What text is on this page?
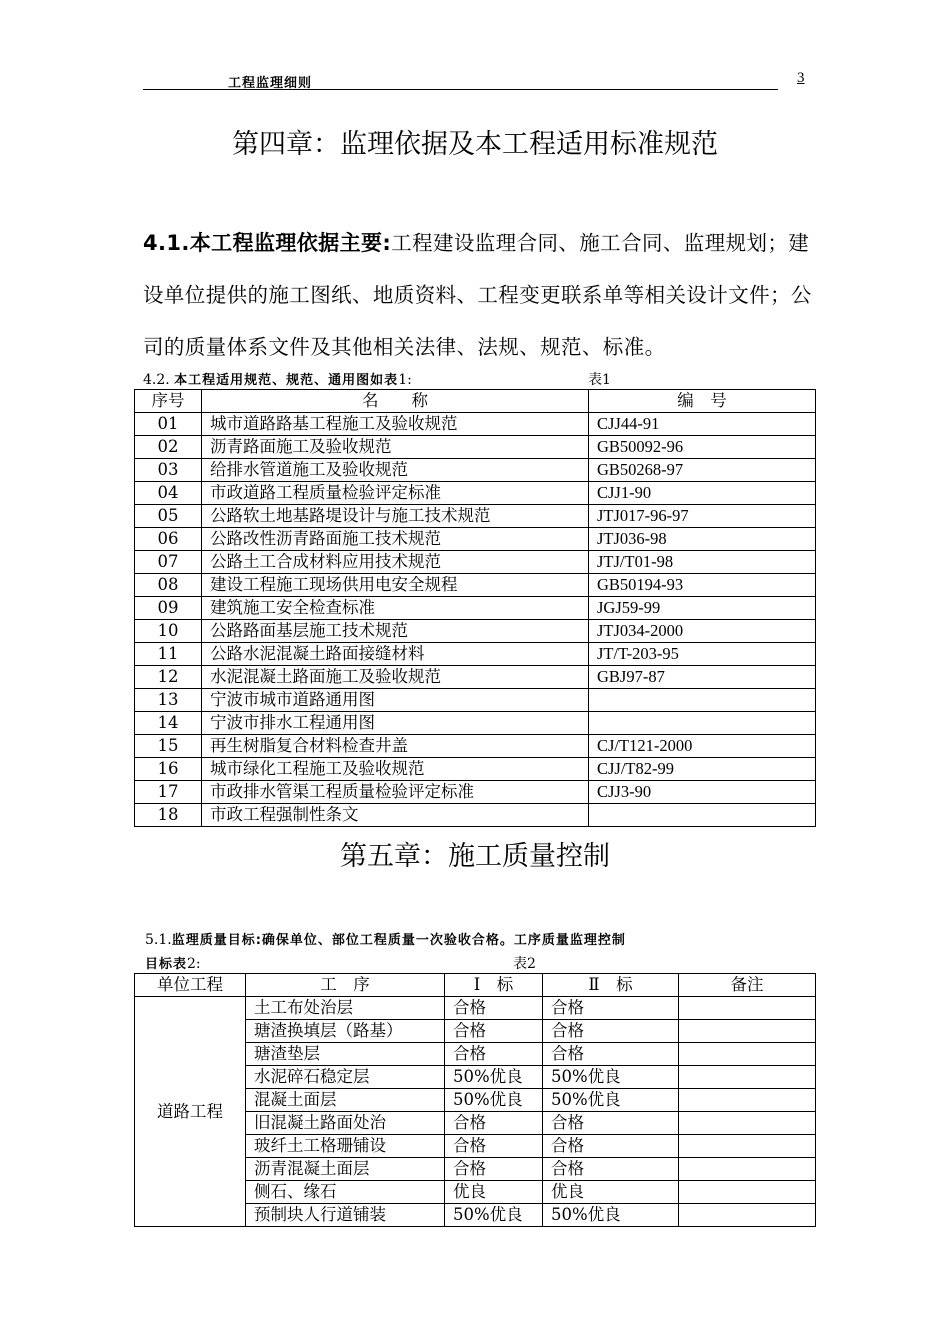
工程监理细则	3
第四章：监理依据及本工程适用标准规范
4.1.本工程监理依据主要:工程建设监理合同、施工合同、监理规划；建设单位提供的施工图纸、地质资料、工程变更联系单等相关设计文件；公司的质量体系文件及其他相关法律、法规、规范、标准。
4.2. 本工程适用规范、规范、通用图如表1:	表1
序号	名　　称	编　号
01	城市道路路基工程施工及验收规范	CJJ44-91
02	沥青路面施工及验收规范	GB50092-96
03	给排水管道施工及验收规范	GB50268-97
04	市政道路工程质量检验评定标准	CJJ1-90
05	公路软土地基路堤设计与施工技术规范	JTJ017-96-97
06	公路改性沥青路面施工技术规范	JTJ036-98
07	公路土工合成材料应用技术规范	JTJ/T01-98
08	建设工程施工现场供用电安全规程	GB50194-93
09	建筑施工安全检查标准	JGJ59-99
10	公路路面基层施工技术规范	JTJ034-2000
11	公路水泥混凝土路面接缝材料	JT/T-203-95
12	水泥混凝土路面施工及验收规范	GBJ97-87
13	宁波市城市道路通用图	
14	宁波市排水工程通用图	
15	再生树脂复合材料检查井盖	CJ/T121-2000
16	城市绿化工程施工及验收规范	CJJ/T82-99
17	市政排水管渠工程质量检验评定标准	CJJ3-90
18	市政工程强制性条文	
第五章：施工质量控制
5.1.监理质量目标:确保单位、部位工程质量一次验收合格。工序质量监理控制
目标表2:	表2
单位工程	工　序	Ⅰ　标	Ⅱ　标	备注
道路工程	土工布处治层	合格	合格	
	瑭渣换填层（路基）	合格	合格	
	瑭渣垫层	合格	合格	
	水泥碎石稳定层	50%优良	50%优良	
	混凝土面层	50%优良	50%优良	
	旧混凝土路面处治	合格	合格	
	玻纤土工格珊铺设	合格	合格	
	沥青混凝土面层	合格	合格	
	侧石、缘石	优良	优良	
	预制块人行道铺装	50%优良	50%优良	
